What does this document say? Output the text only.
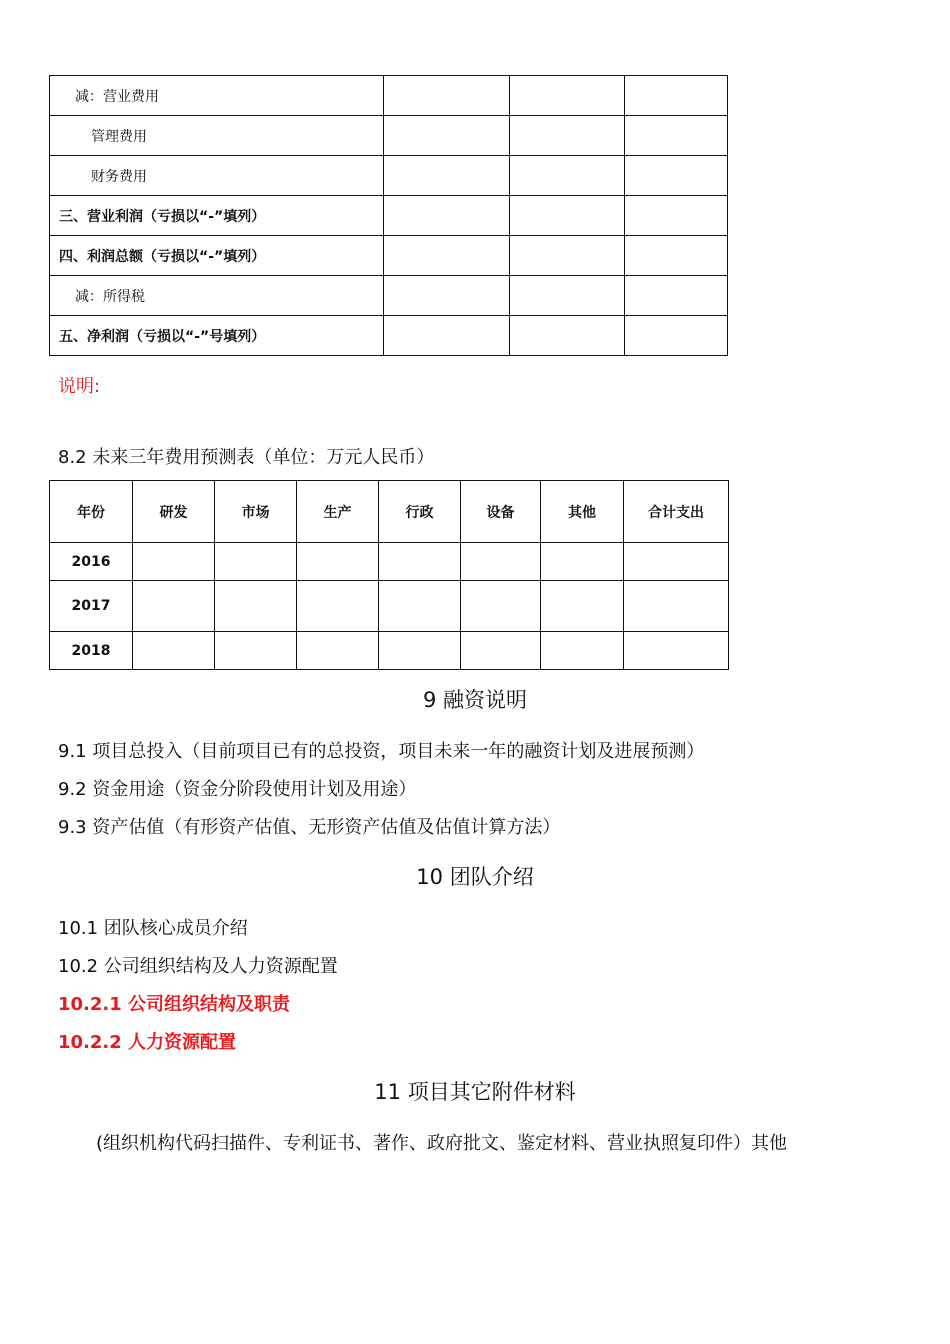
减：营业费用			
管理费用			
财务费用			
三、营业利润（亏损以“-”填列）			
四、利润总额（亏损以“-”填列）			
减：所得税			
五、净利润（亏损以“-”号填列）			

说明:

8.2 未来三年费用预测表（单位：万元人民币）

年份	研发	市场	生产	行政	设备	其他	合计支出
2016							
2017							
2018							

9 融资说明

9.1 项目总投入（目前项目已有的总投资，项目未来一年的融资计划及进展预测）

9.2 资金用途（资金分阶段使用计划及用途）

9.3 资产估值（有形资产估值、无形资产估值及估值计算方法）

10 团队介绍

10.1 团队核心成员介绍

10.2 公司组织结构及人力资源配置

10.2.1 公司组织结构及职责

10.2.2 人力资源配置

11 项目其它附件材料

(组织机构代码扫描件、专利证书、著作、政府批文、鉴定材料、营业执照复印件）其他
